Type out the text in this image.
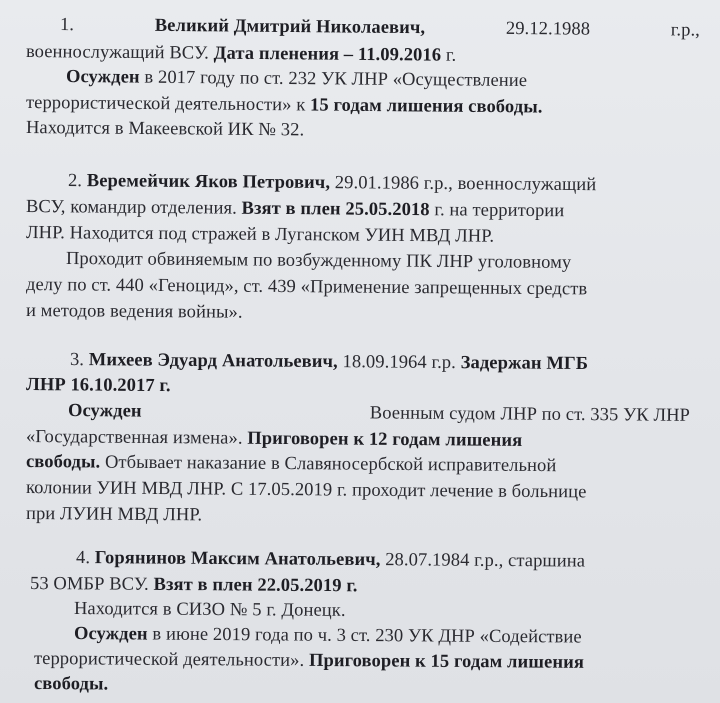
1.	Великий Дмитрий Николаевич,	29.12.1988	г.р.,
военнослужащий ВСУ. Дата пленения – 11.09.2016 г.
Осужден в 2017 году по ст. 232 УК ЛНР «Осуществление
террористической деятельности» к 15 годам лишения свободы.
Находится в Макеевской ИК № 32.
2. Веремейчик Яков Петрович, 29.01.1986 г.р., военнослужащий
ВСУ, командир отделения. Взят в плен 25.05.2018 г. на территории
ЛНР. Находится под стражей в Луганском УИН МВД ЛНР.
Проходит обвиняемым по возбужденному ПК ЛНР уголовному
делу по ст. 440 «Геноцид», ст. 439 «Применение запрещенных средств
и методов ведения войны».
3. Михеев Эдуард Анатольевич, 18.09.1964 г.р. Задержан МГБ
ЛНР 16.10.2017 г.
Осужден	Военным судом ЛНР по ст. 335 УК ЛНР
«Государственная измена». Приговорен к 12 годам лишения
свободы. Отбывает наказание в Славяносербской исправительной
колонии УИН МВД ЛНР. С 17.05.2019 г. проходит лечение в больнице
при ЛУИН МВД ЛНР.
4. Горянинов Максим Анатольевич, 28.07.1984 г.р., старшина
53 ОМБР ВСУ. Взят в плен 22.05.2019 г.
Находится в СИЗО № 5 г. Донецк.
Осужден в июне 2019 года по ч. 3 ст. 230 УК ДНР «Содействие
террористической деятельности». Приговорен к 15 годам лишения
свободы.
